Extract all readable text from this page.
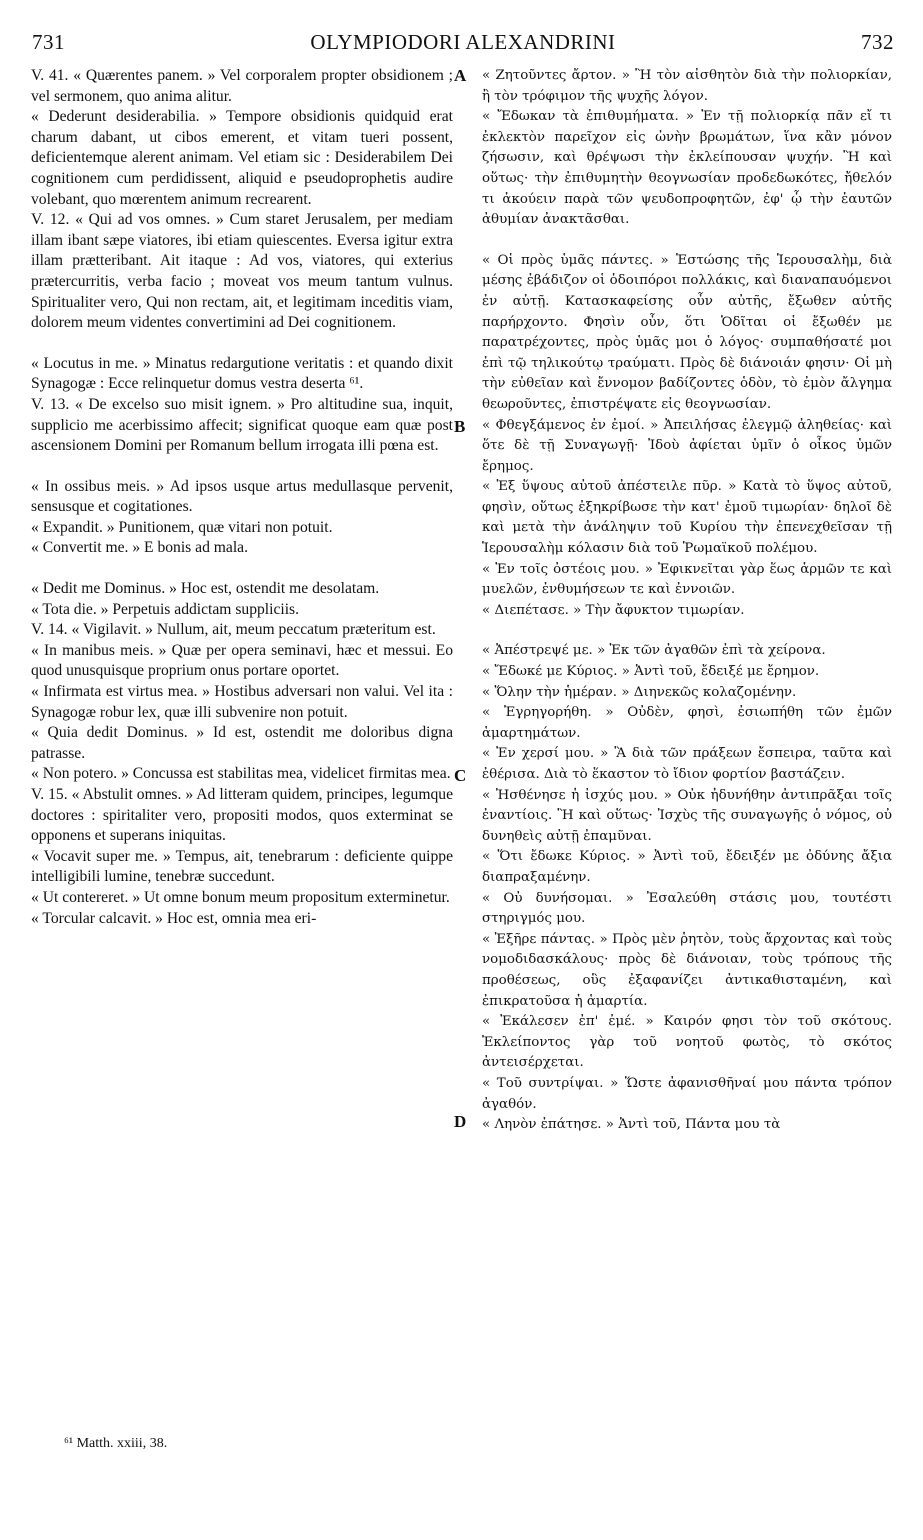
731	OLYMPIODORI ALEXANDRINI	732

V. 41. « Quærentes panem. » Vel corporalem propter obsidionem ; vel sermonem, quo anima alitur.

« Dederunt desiderabilia. » Tempore obsidionis quidquid erat charum dabant, ut cibos emerent, et vitam tueri possent, deficientemque alerent animam. Vel etiam sic : Desiderabilem Dei cognitionem cum perdidissent, aliquid e pseudoprophetis audire volebant, quo mœrentem animum recrearent.

V. 12. « Qui ad vos omnes. » Cum staret Jerusalem, per mediam illam ibant sæpe viatores, ibi etiam quiescentes. Eversa igitur extra illam prætteribant. Ait itaque : Ad vos, viatores, qui exterius prætercurritis, verba facio ; moveat vos meum tantum vulnus. Spiritualiter vero, Qui non rectam, ait, et legitimam inceditis viam, dolorem meum videntes convertimini ad Dei cognitionem.

« Locutus in me. » Minatus redargutione veritatis : et quando dixit Synagogæ : Ecce relinquetur domus vestra deserta ⁶¹.

V. 13. « De excelso suo misit ignem. » Pro altitudine sua, inquit, supplicio me acerbissimo affecit; significat quoque eam quæ post ascensionem Domini per Romanum bellum irrogata illi pœna est.

« In ossibus meis. » Ad ipsos usque artus medullasque pervenit, sensusque et cogitationes.

« Expandit. » Punitionem, quæ vitari non potuit.

« Convertit me. » E bonis ad mala.

« Dedit me Dominus. » Hoc est, ostendit me desolatam.

« Tota die. » Perpetuis addictam suppliciis.

V. 14. « Vigilavit. » Nullum, ait, meum peccatum præteritum est.

« In manibus meis. » Quæ per opera seminavi, hæc et messui. Eo quod unusquisque proprium onus portare oportet.

« Infirmata est virtus mea. » Hostibus adversari non valui. Vel ita : Synagogæ robur lex, quæ illi subvenire non potuit.

« Quia dedit Dominus. » Id est, ostendit me doloribus digna patrasse.

« Non potero. » Concussa est stabilitas mea, videlicet firmitas mea.

V. 15. « Abstulit omnes. » Ad litteram quidem, principes, legumque doctores : spiritaliter vero, propositi modos, quos exterminat se opponens et superans iniquitas.

« Vocavit super me. » Tempus, ait, tenebrarum : deficiente quippe intelligibili lumine, tenebræ succedunt.

« Ut contereret. » Ut omne bonum meum propositum exterminetur.

« Torcular calcavit. » Hoc est, omnia mea eri-

A
B
C
D

« Ζητοῦντες ἄρτον. » Ἢ τὸν αἰσθητὸν διὰ τὴν πολιορκίαν, ἢ τὸν τρόφιμον τῆς ψυχῆς λόγον.

« Ἔδωκαν τὰ ἐπιθυμήματα. » Ἐν τῇ πολιορκίᾳ πᾶν εἴ τι ἐκλεκτὸν παρεῖχον εἰς ὠνὴν βρωμάτων, ἵνα κἂν μόνον ζήσωσιν, καὶ θρέψωσι τὴν ἐκλείπουσαν ψυχήν. Ἢ καὶ οὕτως· τὴν ἐπιθυμητὴν θεογνωσίαν προδεδωκότες, ἤθελόν τι ἀκούειν παρὰ τῶν ψευδοπροφητῶν, ἐφ' ᾧ τὴν ἑαυτῶν ἀθυμίαν ἀνακτᾶσθαι.

« Οἱ πρὸς ὑμᾶς πάντες. » Ἑστώσης τῆς Ἱερουσαλὴμ, διὰ μέσης ἐβάδιζον οἱ ὁδοιπόροι πολλάκις, καὶ διαναπαυόμενοι ἐν αὐτῇ. Κατασκαφείσης οὖν αὐτῆς, ἔξωθεν αὐτῆς παρήρχοντο. Φησὶν οὖν, ὅτι Ὁδῖται οἱ ἔξωθέν με παρατρέχοντες, πρὸς ὑμᾶς μοι ὁ λόγος· συμπαθήσατέ μοι ἐπὶ τῷ τηλικούτῳ τραύματι. Πρὸς δὲ διάνοιάν φησιν· Οἱ μὴ τὴν εὐθεῖαν καὶ ἔννομον βαδίζοντες ὁδὸν, τὸ ἐμὸν ἄλγημα θεωροῦντες, ἐπιστρέψατε εἰς θεογνωσίαν.

« Φθεγξάμενος ἐν ἐμοί. » Ἀπειλήσας ἐλεγμῷ ἀληθείας· καὶ ὅτε δὲ τῇ Συναγωγῇ· Ἰδοὺ ἀφίεται ὑμῖν ὁ οἶκος ὑμῶν ἔρημος.

« Ἐξ ὕψους αὐτοῦ ἀπέστειλε πῦρ. » Κατὰ τὸ ὕψος αὐτοῦ, φησὶν, οὕτως ἐξηκρίβωσε τὴν κατ' ἐμοῦ τιμωρίαν· δηλοῖ δὲ καὶ μετὰ τὴν ἀνάληψιν τοῦ Κυρίου τὴν ἐπενεχθεῖσαν τῇ Ἱερουσαλὴμ κόλασιν διὰ τοῦ Ῥωμαϊκοῦ πολέμου.

« Ἐν τοῖς ὀστέοις μου. » Ἐφικνεῖται γὰρ ἕως ἁρμῶν τε καὶ μυελῶν, ἐνθυμήσεων τε καὶ ἐννοιῶν.

« Διεπέτασε. » Τὴν ἄφυκτον τιμωρίαν.

« Ἀπέστρεψέ με. » Ἐκ τῶν ἀγαθῶν ἐπὶ τὰ χείρονα.

« Ἔδωκέ με Κύριος. » Ἀντὶ τοῦ, ἔδειξέ με ἔρημον.

« Ὅλην τὴν ἡμέραν. » Διηνεκῶς κολαζομένην.

« Ἐγρηγορήθη. » Οὐδὲν, φησὶ, ἐσιωπήθη τῶν ἐμῶν ἁμαρτημάτων.

« Ἐν χερσί μου. » Ἃ διὰ τῶν πράξεων ἔσπειρα, ταῦτα καὶ ἐθέρισα. Διὰ τὸ ἕκαστον τὸ ἴδιον φορτίον βαστάζειν.

« Ἠσθένησε ἡ ἰσχύς μου. » Οὐκ ἠδυνήθην ἀντιπρᾶξαι τοῖς ἐναντίοις. Ἢ καὶ οὕτως· Ἰσχὺς τῆς συναγωγῆς ὁ νόμος, οὐ δυνηθεὶς αὐτῇ ἐπαμῦναι.

« Ὅτι ἔδωκε Κύριος. » Ἀντὶ τοῦ, ἔδειξέν με ὀδύνης ἄξια διαπραξαμένην.

« Οὐ δυνήσομαι. » Ἐσαλεύθη στάσις μου, τουτέστι στηριγμός μου.

« Ἐξῆρε πάντας. » Πρὸς μὲν ῥητὸν, τοὺς ἄρχοντας καὶ τοὺς νομοδιδασκάλους· πρὸς δὲ διάνοιαν, τοὺς τρόπους τῆς προθέσεως, οὓς ἐξαφανίζει ἀντικαθισταμένη, καὶ ἐπικρατοῦσα ἡ ἁμαρτία.

« Ἐκάλεσεν ἐπ' ἐμέ. » Καιρόν φησι τὸν τοῦ σκότους. Ἐκλείποντος γὰρ τοῦ νοητοῦ φωτὸς, τὸ σκότος ἀντεισέρχεται.

« Τοῦ συντρίψαι. » Ὥστε ἀφανισθῆναί μου πάντα τρόπον ἀγαθόν.

« Ληνὸν ἐπάτησε. » Ἀντὶ τοῦ, Πάντα μου τὰ

⁶¹ Matth. xxiii, 38.
